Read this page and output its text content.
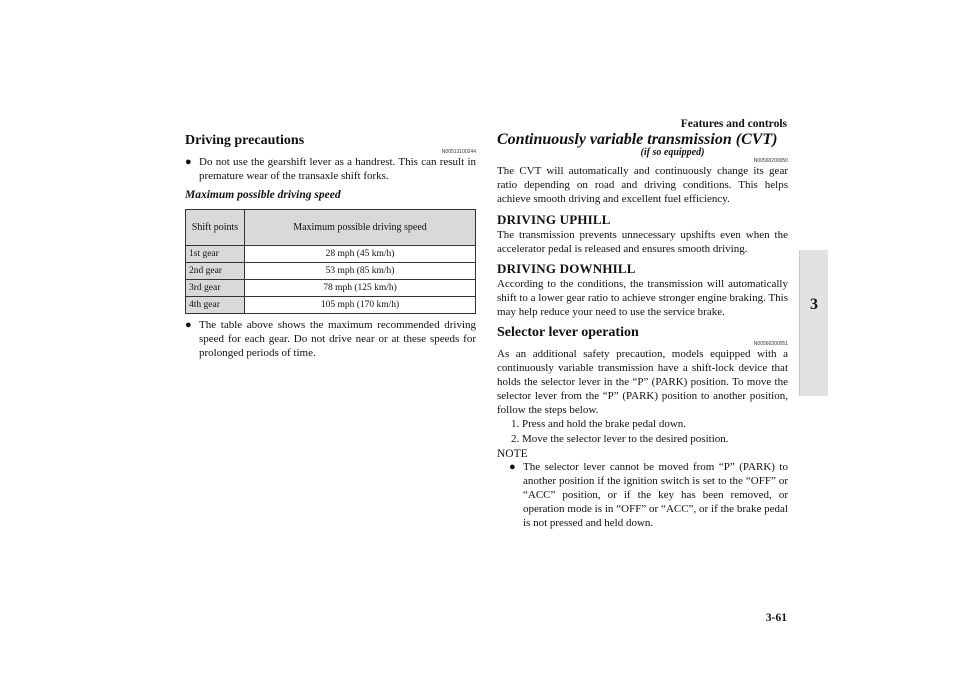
Features and controls
3
Driving precautions
N00513100244

● Do not use the gearshift lever as a handrest. This can result in premature wear of the transaxle shift forks.

Maximum possible driving speed
Shift points	Maximum possible driving speed
1st gear	28 mph (45 km/h)
2nd gear	53 mph (85 km/h)
3rd gear	78 mph (125 km/h)
4th gear	105 mph (170 km/h)

● The table above shows the maximum recommended driving speed for each gear. Do not drive near or at these speeds for prolonged periods of time.

Continuously variable transmission (CVT)
(if so equipped)
N00560200050

The CVT will automatically and continuously change its gear ratio depending on road and driving conditions. This helps achieve smooth driving and excellent fuel efficiency.

DRIVING UPHILL

The transmission prevents unnecessary upshifts even when the accelerator pedal is released and ensures smooth driving.

DRIVING DOWNHILL

According to the conditions, the transmission will automatically shift to a lower gear ratio to achieve stronger engine braking. This may help reduce your need to use the service brake.

Selector lever operation
N00560300051

As an additional safety precaution, models equipped with a continuously variable transmission have a shift-lock device that holds the selector lever in the “P” (PARK) position. To move the selector lever from the “P” (PARK) position to another position, follow the steps below.

1. Press and hold the brake pedal down.
2. Move the selector lever to the desired position.
NOTE

● The selector lever cannot be moved from “P” (PARK) to another position if the ignition switch is set to the “OFF” or “ACC” position, or if the key has been removed, or operation mode is in “OFF” or “ACC”, or if the brake pedal is not pressed and held down.

3-61
